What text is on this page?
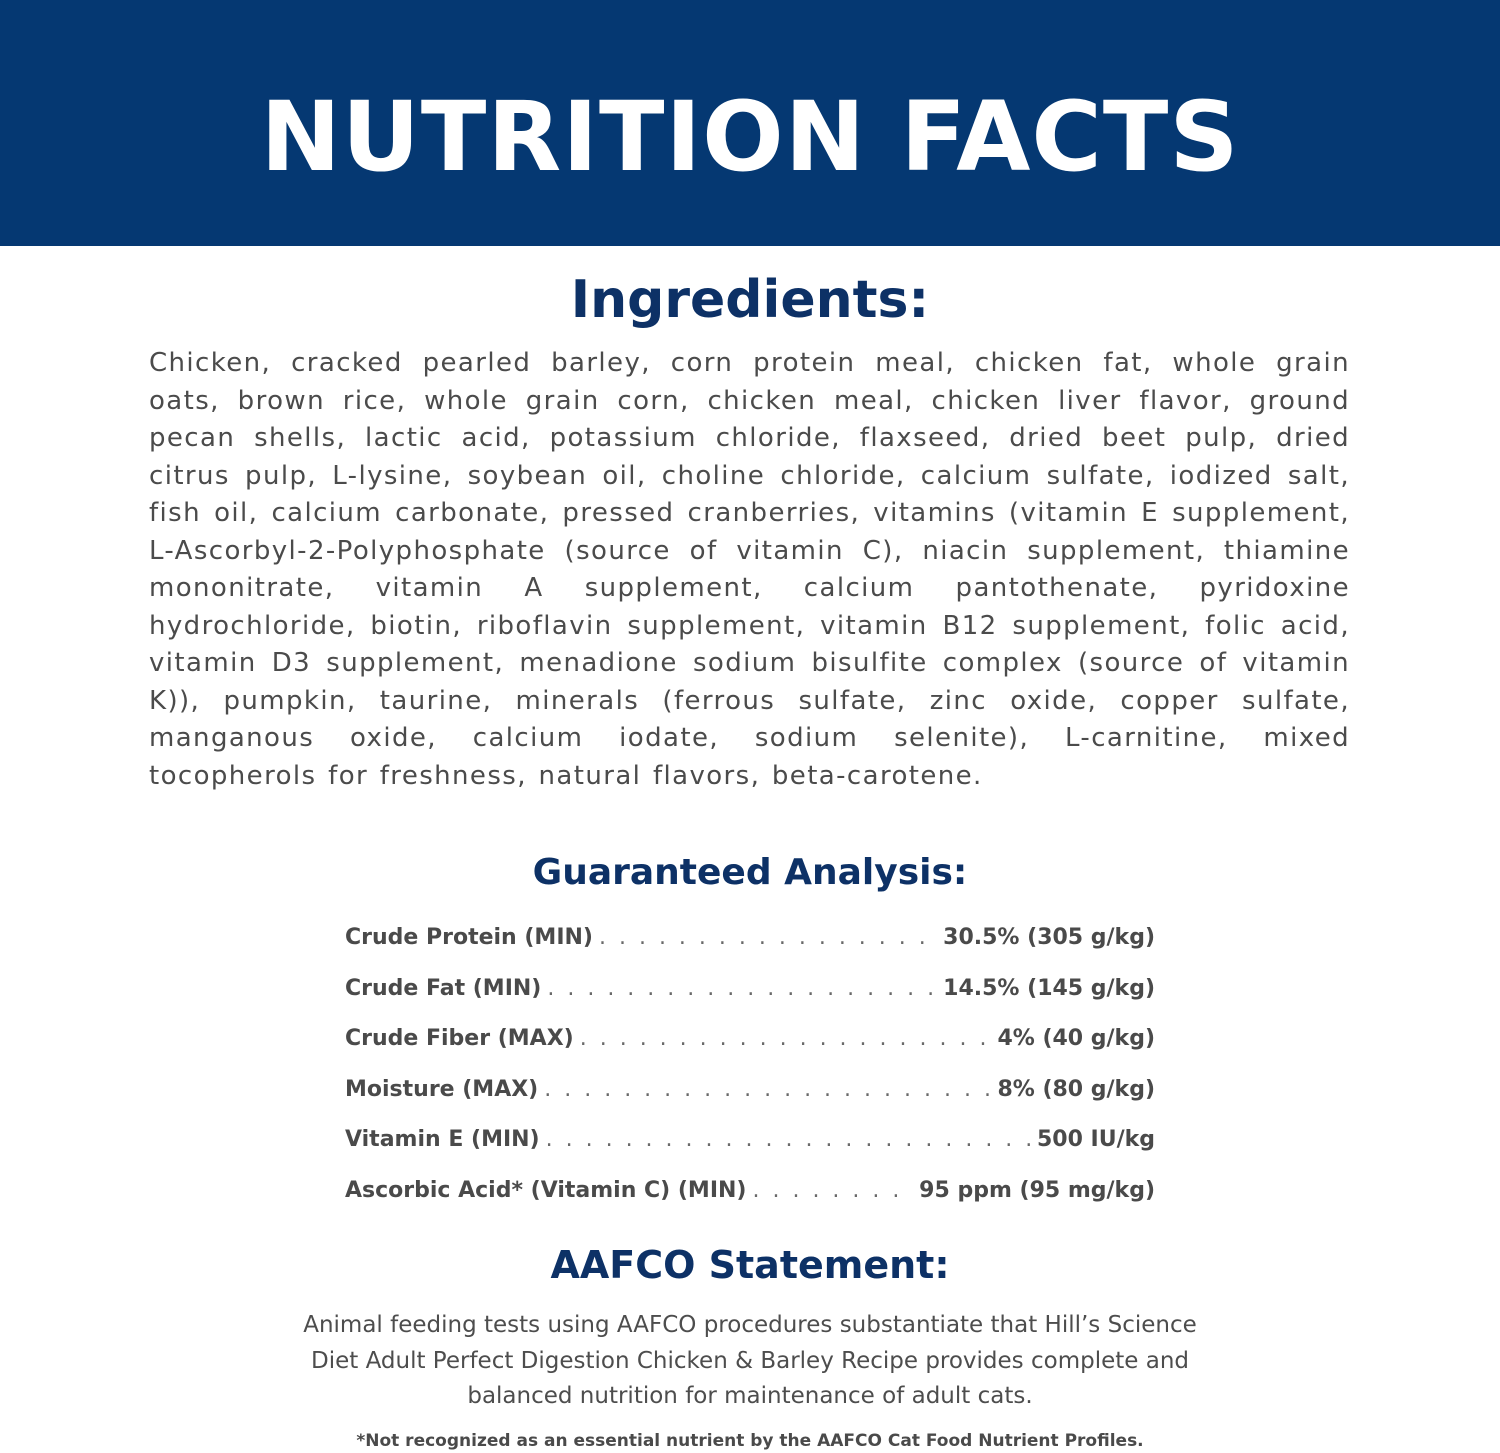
NUTRITION FACTS
Ingredients:

Chicken, cracked pearled barley, corn protein meal, chicken fat, whole grain oats, brown rice, whole grain corn, chicken meal, chicken liver flavor, ground pecan shells, lactic acid, potassium chloride, flaxseed, dried beet pulp, dried citrus pulp, L-lysine, soybean oil, choline chloride, calcium sulfate, iodized salt, fish oil, calcium carbonate, pressed cranberries, vitamins (vitamin E supplement, L-Ascorbyl-2-Polyphosphate (source of vitamin C), niacin supplement, thiamine mononitrate, vitamin A supplement, calcium pantothenate, pyridoxine hydrochloride, biotin, riboflavin supplement, vitamin B12 supplement, folic acid, vitamin D3 supplement, menadione sodium bisulfite complex (source of vitamin K)), pumpkin, taurine, minerals (ferrous sulfate, zinc oxide, copper sulfate, manganous oxide, calcium iodate, sodium selenite), L-carnitine, mixed tocopherols for freshness, natural flavors, beta-carotene.

Guaranteed Analysis:
Crude Protein (MIN) . . .	30.5% (305 g/kg)
Crude Fat (MIN) . . .	14.5% (145 g/kg)
Crude Fiber (MAX) . . .	4% (40 g/kg)
Moisture (MAX) . . .	8% (80 g/kg)
Vitamin E (MIN) . . .	500 IU/kg
Ascorbic Acid* (Vitamin C) (MIN) . . .	95 ppm (95 mg/kg)
AAFCO Statement:

Animal feeding tests using AAFCO procedures substantiate that Hill’s Science Diet Adult Perfect Digestion Chicken & Barley Recipe provides complete and balanced nutrition for maintenance of adult cats.

*Not recognized as an essential nutrient by the AAFCO Cat Food Nutrient Profiles.
